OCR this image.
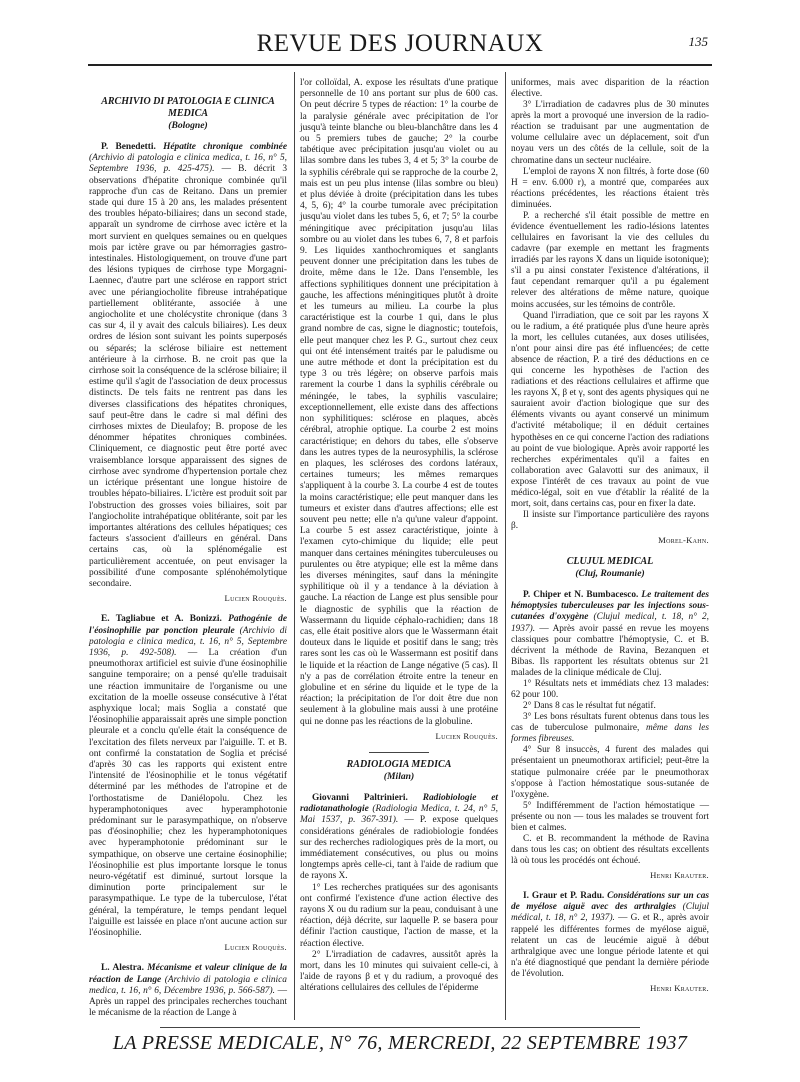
REVUE DES JOURNAUX	135
ARCHIVIO DI PATOLOGIA E CLINICA MEDICA
(Bologne)

P. Benedetti. Hépatite chronique combinée (Archivio di patologia e clinica medica, t. 16, n° 5, Septembre 1936, p. 425-475). — B. décrit 3 observations d'hépatite chronique combinée qu'il rapproche d'un cas de Reitano. Dans un premier stade qui dure 15 à 20 ans, les malades présentent des troubles hépato-biliaires; dans un second stade, apparaît un syndrome de cirrhose avec ictère et la mort survient en quelques semaines ou en quelques mois par ictère grave ou par hémorragies gastro-intestinales. Histologiquement, on trouve d'une part des lésions typiques de cirrhose type Morgagni-Laennec, d'autre part une sclérose en rapport strict avec une périangiocholite fibreuse intrahépatique partiellement oblitérante, associée à une angiocholite et une cholécystite chronique (dans 3 cas sur 4, il y avait des calculs biliaires). Les deux ordres de lésion sont suivant les points superposés ou séparés; la sclérose biliaire est nettement antérieure à la cirrhose. B. ne croit pas que la cirrhose soit la conséquence de la sclérose biliaire; il estime qu'il s'agit de l'association de deux processus distincts. De tels faits ne rentrent pas dans les diverses classifications des hépatites chroniques, sauf peut-être dans le cadre si mal défini des cirrhoses mixtes de Dieulafoy; B. propose de les dénommer hépatites chroniques combinées. Cliniquement, ce diagnostic peut être porté avec vraisemblance lorsque apparaissent des signes de cirrhose avec syndrome d'hypertension portale chez un ictérique présentant une longue histoire de troubles hépato-biliaires. L'ictère est produit soit par l'obstruction des grosses voies biliaires, soit par l'angiocholite intrahépatique oblitérante, soit par les importantes altérations des cellules hépatiques; ces facteurs s'associent d'ailleurs en général. Dans certains cas, où la splénomégalie est particulièrement accentuée, on peut envisager la possibilité d'une composante splénohémolytique secondaire.

Lucien Rouquès.

E. Tagliabue et A. Bonizzi. Pathogénie de l'éosinophilie par ponction pleurale (Archivio di patologia e clinica medica, t. 16, n° 5, Septembre 1936, p. 492-508). — La création d'un pneumothorax artificiel est suivie d'une éosinophilie sanguine temporaire; on a pensé qu'elle traduisait une réaction immunitaire de l'organisme ou une excitation de la moelle osseuse consécutive à l'état asphyxique local; mais Soglia a constaté que l'éosinophilie apparaissait après une simple ponction pleurale et a conclu qu'elle était la conséquence de l'excitation des filets nerveux par l'aiguille. T. et B. ont confirmé la constatation de Soglia et précisé d'après 30 cas les rapports qui existent entre l'intensité de l'éosinophilie et le tonus végétatif déterminé par les méthodes de l'atropine et de l'orthostatisme de Daniélopolu. Chez les hyperamphotoniques avec hyperamphotonie prédominant sur le parasympathique, on n'observe pas d'éosinophilie; chez les hyperamphotoniques avec hyperamphotonie prédominant sur le sympathique, on observe une certaine éosinophilie; l'éosinophilie est plus importante lorsque le tonus neuro-végétatif est diminué, surtout lorsque la diminution porte principalement sur le parasympathique. Le type de la tuberculose, l'état général, la température, le temps pendant lequel l'aiguille est laissée en place n'ont aucune action sur l'éosinophilie.

Lucien Rouquès.

L. Alestra. Mécanisme et valeur clinique de la réaction de Lange (Archivio di patologia e clinica medica, t. 16, n° 6, Décembre 1936, p. 566-587). — Après un rappel des principales recherches touchant le mécanisme de la réaction de Lange à

l'or colloïdal, A. expose les résultats d'une pratique personnelle de 10 ans portant sur plus de 600 cas. On peut décrire 5 types de réaction: 1° la courbe de la paralysie générale avec précipitation de l'or jusqu'à teinte blanche ou bleu-blanchâtre dans les 4 ou 5 premiers tubes de gauche; 2° la courbe tabétique avec précipitation jusqu'au violet ou au lilas sombre dans les tubes 3, 4 et 5; 3° la courbe de la syphilis cérébrale qui se rapproche de la courbe 2, mais est un peu plus intense (lilas sombre ou bleu) et plus déviée à droite (précipitation dans les tubes 4, 5, 6); 4° la courbe tumorale avec précipitation jusqu'au violet dans les tubes 5, 6, et 7; 5° la courbe méningitique avec précipitation jusqu'au lilas sombre ou au violet dans les tubes 6, 7, 8 et parfois 9. Les liquides xanthochromiques et sanglants peuvent donner une précipitation dans les tubes de droite, même dans le 12e. Dans l'ensemble, les affections syphilitiques donnent une précipitation à gauche, les affections méningitiques plutôt à droite et les tumeurs au milieu. La courbe la plus caractéristique est la courbe 1 qui, dans le plus grand nombre de cas, signe le diagnostic; toutefois, elle peut manquer chez les P. G., surtout chez ceux qui ont été intensément traités par le paludisme ou une autre méthode et dont la précipitation est du type 3 ou très légère; on observe parfois mais rarement la courbe 1 dans la syphilis cérébrale ou méningée, le tabes, la syphilis vasculaire; exceptionnellement, elle existe dans des affections non syphilitiques: sclérose en plaques, abcès cérébral, atrophie optique. La courbe 2 est moins caractéristique; en dehors du tabes, elle s'observe dans les autres types de la neurosyphilis, la sclérose en plaques, les scléroses des cordons latéraux, certaines tumeurs; les mêmes remarques s'appliquent à la courbe 3. La courbe 4 est de toutes la moins caractéristique; elle peut manquer dans les tumeurs et exister dans d'autres affections; elle est souvent peu nette; elle n'a qu'une valeur d'appoint. La courbe 5 est assez caractéristique, jointe à l'examen cyto-chimique du liquide; elle peut manquer dans certaines méningites tuberculeuses ou purulentes ou être atypique; elle est la même dans les diverses méningites, sauf dans la méningite syphilitique où il y a tendance à la déviation à gauche. La réaction de Lange est plus sensible pour le diagnostic de syphilis que la réaction de Wassermann du liquide céphalo-rachidien; dans 18 cas, elle était positive alors que le Wassermann était douteux dans le liquide et positif dans le sang; très rares sont les cas où le Wassermann est positif dans le liquide et la réaction de Lange négative (5 cas). Il n'y a pas de corrélation étroite entre la teneur en globuline et en sérine du liquide et le type de la réaction; la précipitation de l'or doit être due non seulement à la globuline mais aussi à une protéine qui ne donne pas les réactions de la globuline.

Lucien Rouquès.
RADIOLOGIA MEDICA
(Milan)

Giovanni Paltrinieri. Radiobiologie et radiotanathologie (Radiologia Medica, t. 24, n° 5, Mai 1537, p. 367-391). — P. expose quelques considérations générales de radiobiologie fondées sur des recherches radiologiques près de la mort, ou immédiatement consécutives, ou plus ou moins longtemps après celle-ci, tant à l'aide de radium que de rayons X.

1° Les recherches pratiquées sur des agonisants ont confirmé l'existence d'une action élective des rayons X ou du radium sur la peau, conduisant à une réaction, déjà décrite, sur laquelle P. se basera pour définir l'action caustique, l'action de masse, et la réaction élective.

2° L'irradiation de cadavres, aussitôt après la mort, dans les 10 minutes qui suivaient celle-ci, à l'aide de rayons β et γ du radium, a provoqué des altérations cellulaires des cellules de l'épiderme

uniformes, mais avec disparition de la réaction élective.

3° L'irradiation de cadavres plus de 30 minutes après la mort a provoqué une inversion de la radio-réaction se traduisant par une augmentation de volume cellulaire avec un déplacement, soit d'un noyau vers un des côtés de la cellule, soit de la chromatine dans un secteur nucléaire.

L'emploi de rayons X non filtrés, à forte dose (60 H = env. 6.000 r), a montré que, comparées aux réactions précédentes, les réactions étaient très diminuées.

P. a recherché s'il était possible de mettre en évidence éventuellement les radio-lésions latentes cellulaires en favorisant la vie des cellules du cadavre (par exemple en mettant les fragments irradiés par les rayons X dans un liquide isotonique); s'il a pu ainsi constater l'existence d'altérations, il faut cependant remarquer qu'il a pu également relever des altérations de même nature, quoique moins accusées, sur les témoins de contrôle.

Quand l'irradiation, que ce soit par les rayons X ou le radium, a été pratiquée plus d'une heure après la mort, les cellules cutanées, aux doses utilisées, n'ont pour ainsi dire pas été influencées; de cette absence de réaction, P. a tiré des déductions en ce qui concerne les hypothèses de l'action des radiations et des réactions cellulaires et affirme que les rayons X, β et γ, sont des agents physiques qui ne sauraient avoir d'action biologique que sur des éléments vivants ou ayant conservé un minimum d'activité métabolique; il en déduit certaines hypothèses en ce qui concerne l'action des radiations au point de vue biologique. Après avoir rapporté les recherches expérimentales qu'il a faites en collaboration avec Galavotti sur des animaux, il expose l'intérêt de ces travaux au point de vue médico-légal, soit en vue d'établir la réalité de la mort, soit, dans certains cas, pour en fixer la date.

Il insiste sur l'importance particulière des rayons β.

Morel-Kahn.
CLUJUL MEDICAL
(Cluj, Roumanie)

P. Chiper et N. Bumbacesco. Le traitement des hémoptysies tuberculeuses par les injections sous-cutanées d'oxygène (Clujul medical, t. 18, n° 2, 1937). — Après avoir passé en revue les moyens classiques pour combattre l'hémoptysie, C. et B. décrivent la méthode de Ravina, Bezanquen et Bibas. Ils rapportent les résultats obtenus sur 21 malades de la clinique médicale de Cluj.

1° Résultats nets et immédiats chez 13 malades: 62 pour 100.

2° Dans 8 cas le résultat fut négatif.

3° Les bons résultats furent obtenus dans tous les cas de tuberculose pulmonaire, même dans les formes fibreuses.

4° Sur 8 insuccès, 4 furent des malades qui présentaient un pneumothorax artificiel; peut-être la statique pulmonaire créée par le pneumothorax s'oppose à l'action hémostatique sous-sutanée de l'oxygène.

5° Indifféremment de l'action hémostatique — présente ou non — tous les malades se trouvent fort bien et calmes.

C. et B. recommandent la méthode de Ravina dans tous les cas; on obtient des résultats excellents là où tous les procédés ont échoué.

Henri Krauter.

I. Graur et P. Radu. Considérations sur un cas de myélose aiguë avec des arthralgies (Clujul médical, t. 18, n° 2, 1937). — G. et R., après avoir rappelé les différentes formes de myélose aiguë, relatent un cas de leucémie aiguë à début arthralgique avec une longue période latente et qui n'a été diagnostiqué que pendant la dernière période de l'évolution.

Henri Krauter.
LA PRESSE MEDICALE, N° 76, MERCREDI, 22 SEPTEMBRE 1937
